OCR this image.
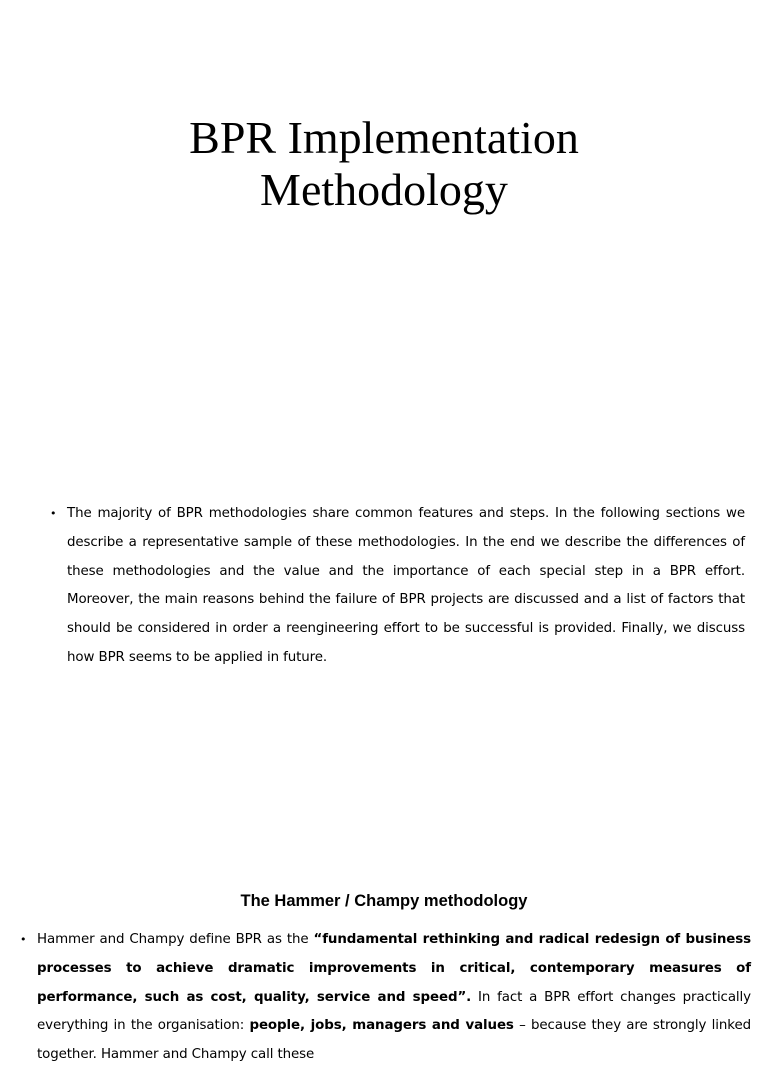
BPR Implementation
Methodology
• The majority of BPR methodologies share common features and steps. In the following sections we describe a representative sample of these methodologies. In the end we describe the differences of these methodologies and the value and the importance of each special step in a BPR effort. Moreover, the main reasons behind the failure of BPR projects are discussed and a list of factors that should be considered in order a reengineering effort to be successful is provided. Finally, we discuss how BPR seems to be applied in future.
The Hammer / Champy methodology
• Hammer and Champy define BPR as the “fundamental rethinking and radical redesign of business processes to achieve dramatic improvements in critical, contemporary measures of performance, such as cost, quality, service and speed”. In fact a BPR effort changes practically everything in the organisation: people, jobs, managers and values – because they are strongly linked together. Hammer and Champy call these
